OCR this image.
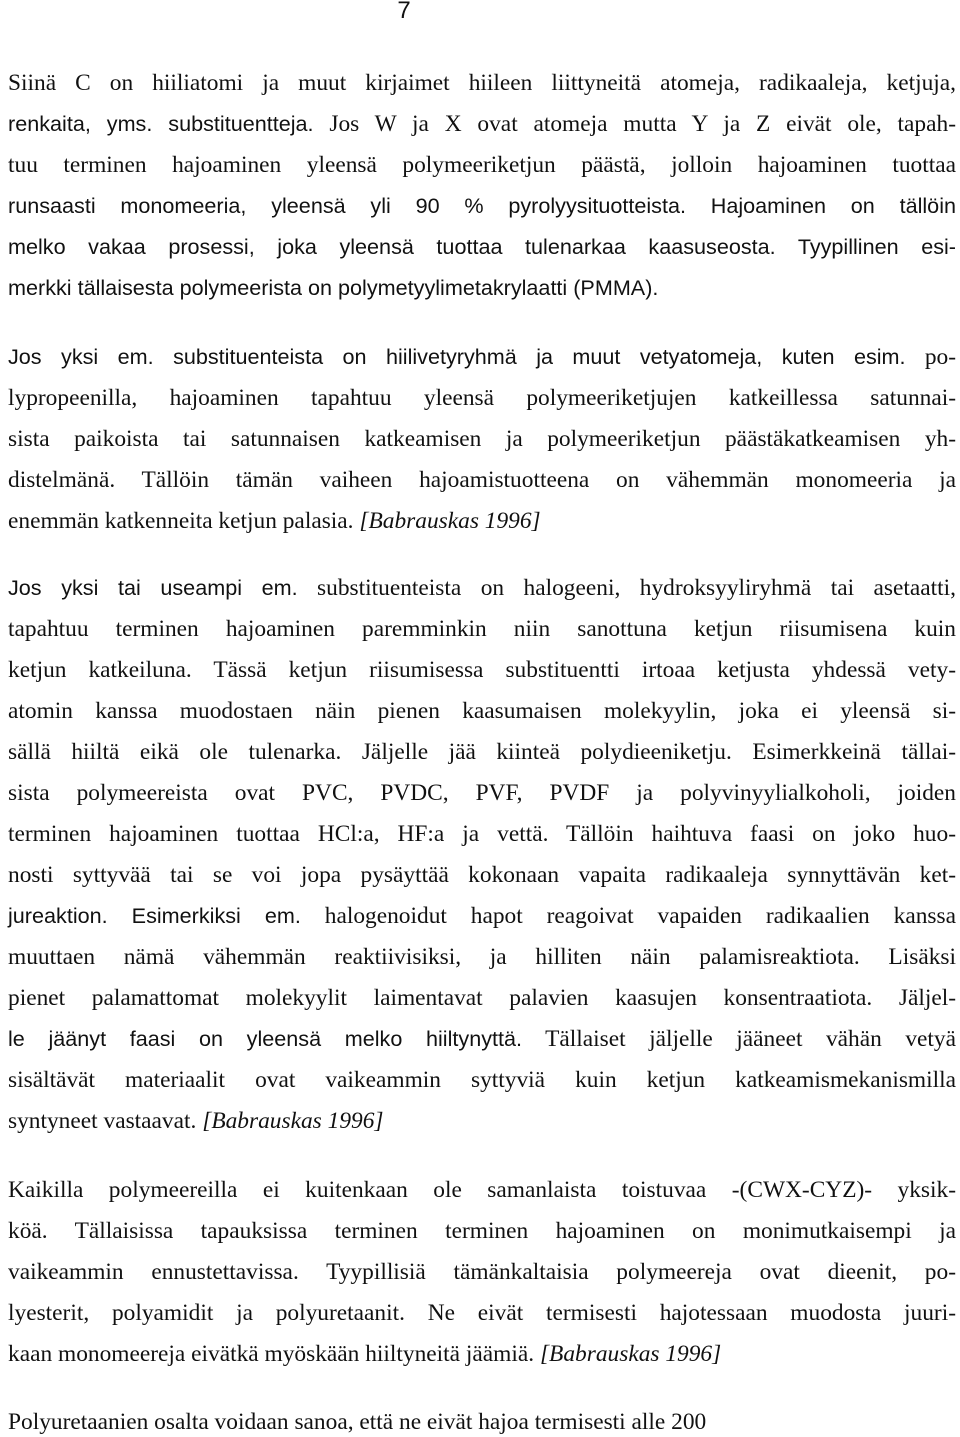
7
Siinä C on hiiliatomi ja muut kirjaimet hiileen liittyneitä atomeja, radikaaleja, ketjuja,
renkaita, yms. substituentteja. Jos W ja X ovat atomeja mutta Y ja Z eivät ole, tapah-
tuu terminen hajoaminen yleensä polymeeriketjun päästä, jolloin hajoaminen tuottaa
runsaasti monomeeria, yleensä yli 90 % pyrolyysituotteista. Hajoaminen on tällöin
melko vakaa prosessi, joka yleensä tuottaa tulenarkaa kaasuseosta. Tyypillinen esi-
merkki tällaisesta polymeerista on polymetyylimetakrylaatti (PMMA).
Jos yksi em. substituenteista on hiilivetyryhmä ja muut vetyatomeja, kuten esim. po-
lypropeenilla, hajoaminen tapahtuu yleensä polymeeriketjujen katkeillessa satunnai-
sista paikoista tai satunnaisen katkeamisen ja polymeeriketjun päästäkatkeamisen yh-
distelmänä. Tällöin tämän vaiheen hajoamistuotteena on vähemmän monomeeria ja
enemmän katkenneita ketjun palasia. [Babrauskas 1996]
Jos yksi tai useampi em. substituenteista on halogeeni, hydroksyyliryhmä tai asetaatti,
tapahtuu terminen hajoaminen paremminkin niin sanottuna ketjun riisumisena kuin
ketjun katkeiluna. Tässä ketjun riisumisessa substituentti irtoaa ketjusta yhdessä vety-
atomin kanssa muodostaen näin pienen kaasumaisen molekyylin, joka ei yleensä si-
sällä hiiltä eikä ole tulenarka. Jäljelle jää kiinteä polydieeniketju. Esimerkkeinä tällai-
sista polymeereista ovat PVC, PVDC, PVF, PVDF ja polyvinyylialkoholi, joiden
terminen hajoaminen tuottaa HCl:a, HF:a ja vettä. Tällöin haihtuva faasi on joko huo-
nosti syttyvää tai se voi jopa pysäyttää kokonaan vapaita radikaaleja synnyttävän ket-
jureaktion. Esimerkiksi em. halogenoidut hapot reagoivat vapaiden radikaalien kanssa
muuttaen nämä vähemmän reaktiivisiksi, ja hilliten näin palamisreaktiota. Lisäksi
pienet palamattomat molekyylit laimentavat palavien kaasujen konsentraatiota. Jäljel-
le jäänyt faasi on yleensä melko hiiltynyttä. Tällaiset jäljelle jääneet vähän vetyä
sisältävät materiaalit ovat vaikeammin syttyviä kuin ketjun katkeamismekanismilla
syntyneet vastaavat. [Babrauskas 1996]
Kaikilla polymeereilla ei kuitenkaan ole samanlaista toistuvaa -(CWX-CYZ)- yksik-
köä. Tällaisissa tapauksissa terminen terminen hajoaminen on monimutkaisempi ja
vaikeammin ennustettavissa. Tyypillisiä tämänkaltaisia polymeereja ovat dieenit, po-
lyesterit, polyamidit ja polyuretaanit. Ne eivät termisesti hajotessaan muodosta juuri-
kaan monomeereja eivätkä myöskään hiiltyneitä jäämiä. [Babrauskas 1996]
Polyuretaanien osalta voidaan sanoa, että ne eivät hajoa termisesti alle 200
